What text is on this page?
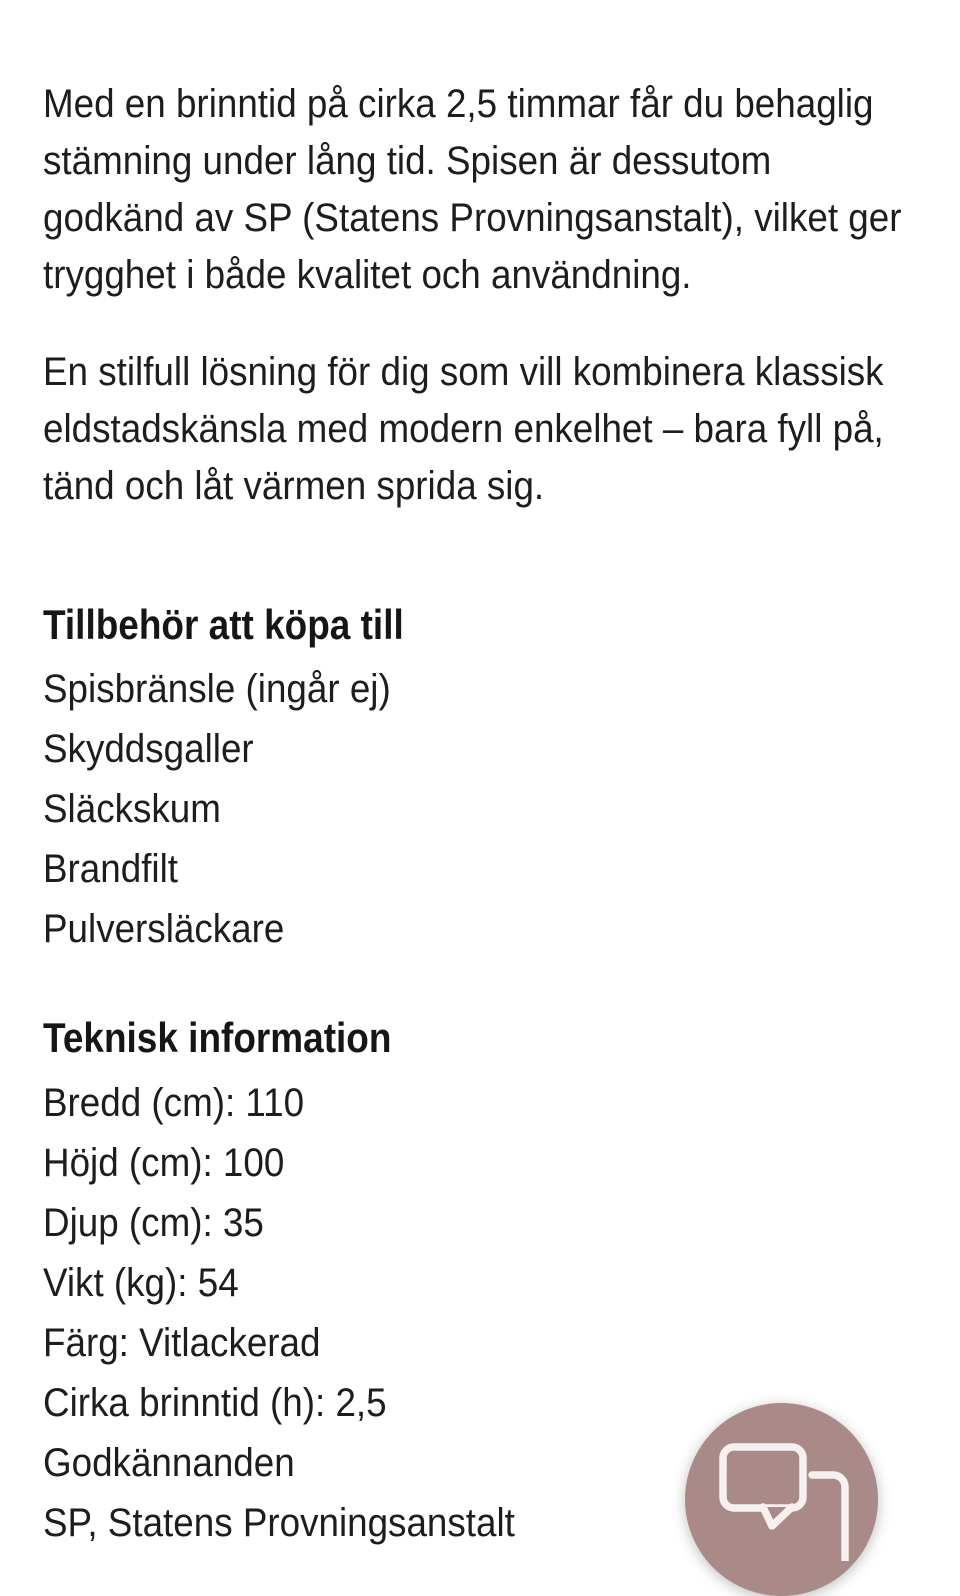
Med en brinntid på cirka 2,5 timmar får du behaglig
stämning under lång tid. Spisen är dessutom
godkänd av SP (Statens Provningsanstalt), vilket ger
trygghet i både kvalitet och användning.

En stilfull lösning för dig som vill kombinera klassisk
eldstadskänsla med modern enkelhet – bara fyll på,
tänd och låt värmen sprida sig.

Tillbehör att köpa till
Spisbränsle (ingår ej)
Skyddsgaller
Släckskum
Brandfilt
Pulversläckare
Teknisk information
Bredd (cm): 110
Höjd (cm): 100
Djup (cm): 35
Vikt (kg): 54
Färg: Vitlackerad
Cirka brinntid (h): 2,5
Godkännanden
SP, Statens Provningsanstalt
